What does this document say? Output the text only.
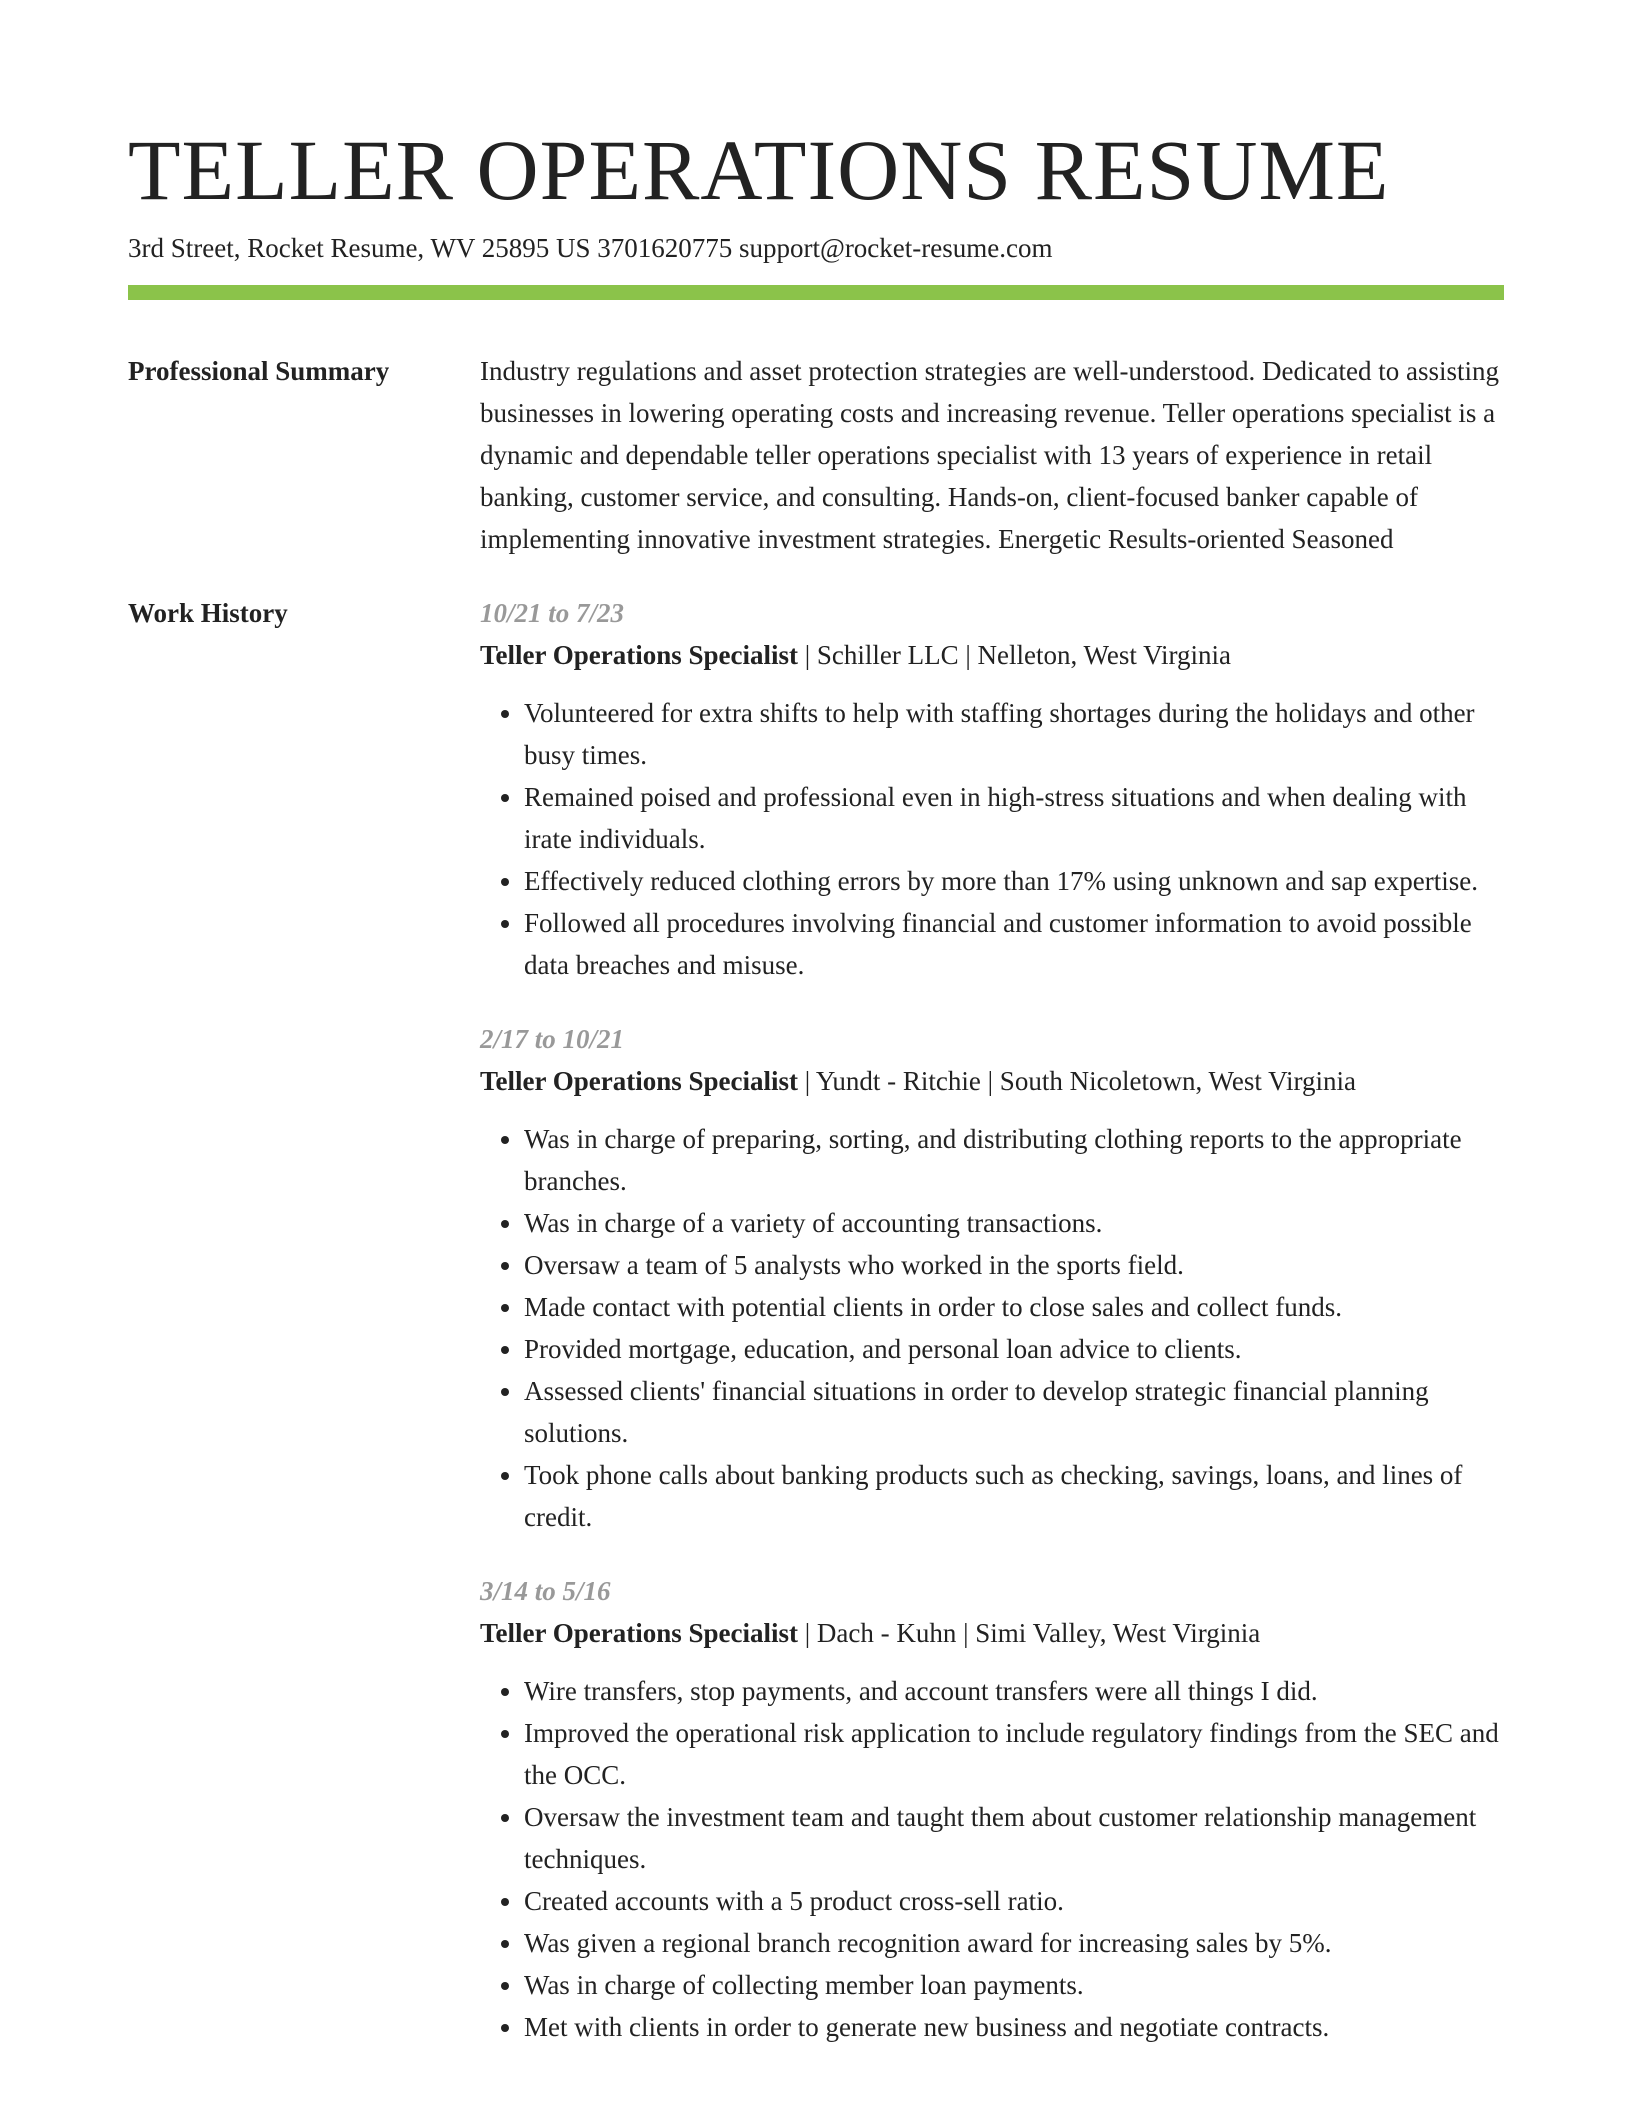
TELLER OPERATIONS RESUME
3rd Street, Rocket Resume, WV 25895 US 3701620775 support@rocket-resume.com
Professional Summary	Industry regulations and asset protection strategies are well-understood. Dedicated to assisting businesses in lowering operating costs and increasing revenue. Teller operations specialist is a dynamic and dependable teller operations specialist with 13 years of experience in retail banking, customer service, and consulting. Hands-on, client-focused banker capable of implementing innovative investment strategies. Energetic Results-oriented Seasoned
Work History	10/21 to 7/23
Teller Operations Specialist | Schiller LLC | Nelleton, West Virginia
• Volunteered for extra shifts to help with staffing shortages during the holidays and other busy times.
• Remained poised and professional even in high-stress situations and when dealing with irate individuals.
• Effectively reduced clothing errors by more than 17% using unknown and sap expertise.
• Followed all procedures involving financial and customer information to avoid possible data breaches and misuse.
2/17 to 10/21
Teller Operations Specialist | Yundt - Ritchie | South Nicoletown, West Virginia
• Was in charge of preparing, sorting, and distributing clothing reports to the appropriate branches.
• Was in charge of a variety of accounting transactions.
• Oversaw a team of 5 analysts who worked in the sports field.
• Made contact with potential clients in order to close sales and collect funds.
• Provided mortgage, education, and personal loan advice to clients.
• Assessed clients' financial situations in order to develop strategic financial planning solutions.
• Took phone calls about banking products such as checking, savings, loans, and lines of credit.
3/14 to 5/16
Teller Operations Specialist | Dach - Kuhn | Simi Valley, West Virginia
• Wire transfers, stop payments, and account transfers were all things I did.
• Improved the operational risk application to include regulatory findings from the SEC and the OCC.
• Oversaw the investment team and taught them about customer relationship management techniques.
• Created accounts with a 5 product cross-sell ratio.
• Was given a regional branch recognition award for increasing sales by 5%.
• Was in charge of collecting member loan payments.
• Met with clients in order to generate new business and negotiate contracts.
